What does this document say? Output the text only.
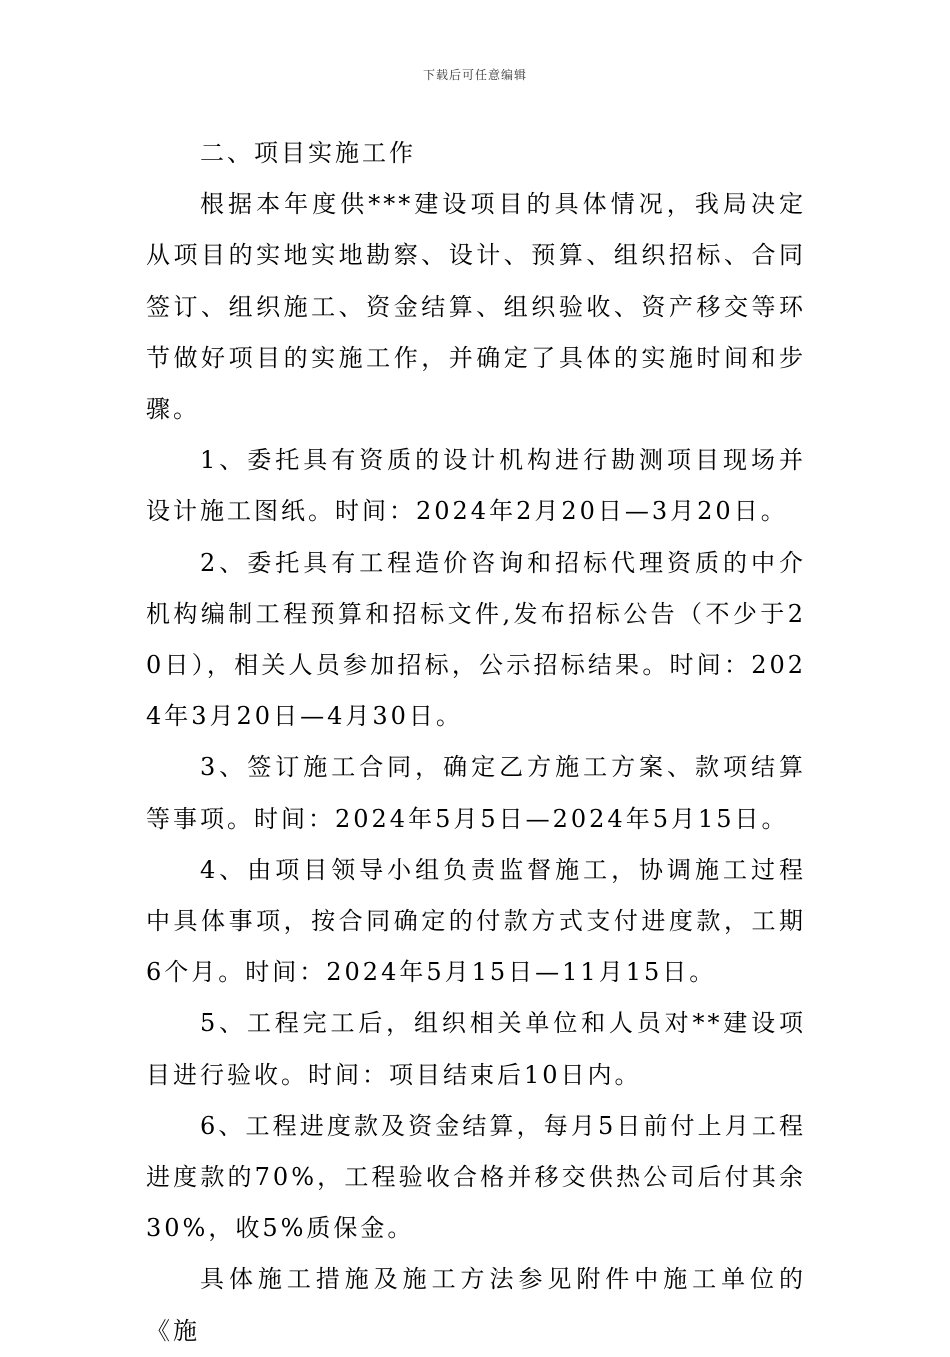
下载后可任意编辑

二、项目实施工作

根据本年度供***建设项目的具体情况，我局决定从项目的实地实地勘察、设计、预算、组织招标、合同签订、组织施工、资金结算、组织验收、资产移交等环节做好项目的实施工作，并确定了具体的实施时间和步骤。

1、委托具有资质的设计机构进行勘测项目现场并设计施工图纸。时间：2024年2月20日—3月20日。

2、委托具有工程造价咨询和招标代理资质的中介机构编制工程预算和招标文件,发布招标公告（不少于20日），相关人员参加招标，公示招标结果。时间：2024年3月20日—4月30日。

3、签订施工合同，确定乙方施工方案、款项结算等事项。时间：2024年5月5日—2024年5月15日。

4、由项目领导小组负责监督施工，协调施工过程中具体事项，按合同确定的付款方式支付进度款，工期6个月。时间：2024年5月15日—11月15日。

5、工程完工后，组织相关单位和人员对**建设项目进行验收。时间：项目结束后10日内。

6、工程进度款及资金结算，每月5日前付上月工程进度款的70%，工程验收合格并移交供热公司后付其余30%，收5%质保金。

具体施工措施及施工方法参见附件中施工单位的《施
